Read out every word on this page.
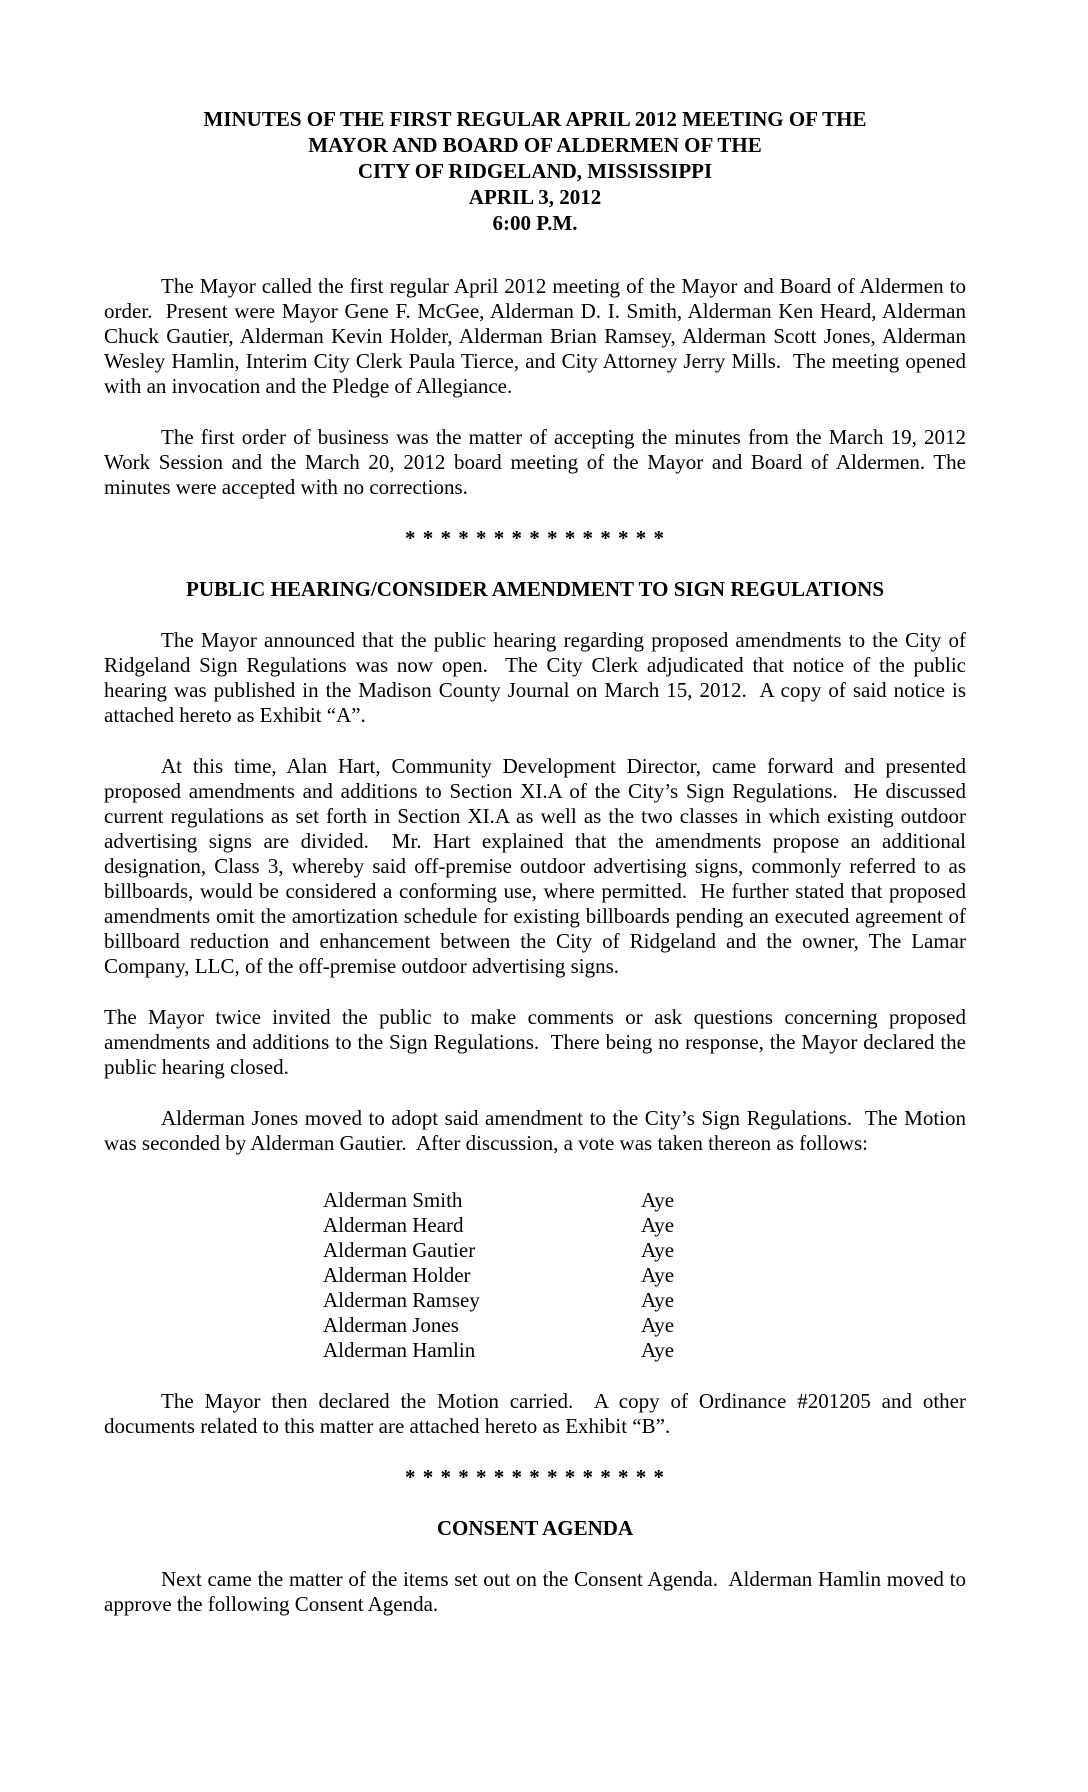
MINUTES OF THE FIRST REGULAR APRIL 2012 MEETING OF THE
MAYOR AND BOARD OF ALDERMEN OF THE
CITY OF RIDGELAND, MISSISSIPPI
APRIL 3, 2012
6:00 P.M.

The Mayor called the first regular April 2012 meeting of the Mayor and Board of Aldermen to order.  Present were Mayor Gene F. McGee, Alderman D. I. Smith, Alderman Ken Heard, Alderman Chuck Gautier, Alderman Kevin Holder, Alderman Brian Ramsey, Alderman Scott Jones, Alderman Wesley Hamlin, Interim City Clerk Paula Tierce, and City Attorney Jerry Mills.  The meeting opened with an invocation and the Pledge of Allegiance.

The first order of business was the matter of accepting the minutes from the March 19, 2012 Work Session and the March 20, 2012 board meeting of the Mayor and Board of Aldermen. The minutes were accepted with no corrections.

* * * * * * * * * * * * * * *
PUBLIC HEARING/CONSIDER AMENDMENT TO SIGN REGULATIONS

The Mayor announced that the public hearing regarding proposed amendments to the City of Ridgeland Sign Regulations was now open.  The City Clerk adjudicated that notice of the public hearing was published in the Madison County Journal on March 15, 2012.  A copy of said notice is attached hereto as Exhibit “A”.

At this time, Alan Hart, Community Development Director, came forward and presented proposed amendments and additions to Section XI.A of the City’s Sign Regulations.  He discussed current regulations as set forth in Section XI.A as well as the two classes in which existing outdoor advertising signs are divided.  Mr. Hart explained that the amendments propose an additional designation, Class 3, whereby said off-premise outdoor advertising signs, commonly referred to as billboards, would be considered a conforming use, where permitted.  He further stated that proposed amendments omit the amortization schedule for existing billboards pending an executed agreement of billboard reduction and enhancement between the City of Ridgeland and the owner, The Lamar Company, LLC, of the off-premise outdoor advertising signs.

The Mayor twice invited the public to make comments or ask questions concerning proposed amendments and additions to the Sign Regulations.  There being no response, the Mayor declared the public hearing closed.

Alderman Jones moved to adopt said amendment to the City’s Sign Regulations.  The Motion was seconded by Alderman Gautier.  After discussion, a vote was taken thereon as follows:

Alderman Smith	Aye
Alderman Heard	Aye
Alderman Gautier	Aye
Alderman Holder	Aye
Alderman Ramsey	Aye
Alderman Jones	Aye
Alderman Hamlin	Aye

The Mayor then declared the Motion carried.  A copy of Ordinance #201205 and other documents related to this matter are attached hereto as Exhibit “B”.

* * * * * * * * * * * * * * *
CONSENT AGENDA

Next came the matter of the items set out on the Consent Agenda.  Alderman Hamlin moved to approve the following Consent Agenda.
